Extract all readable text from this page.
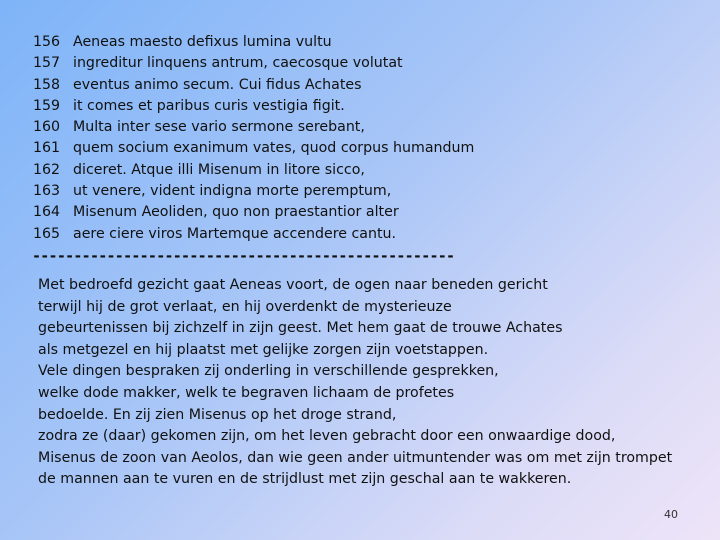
156 Aeneas maesto defixus lumina vultu
157 ingreditur linquens antrum, caecosque volutat
158 eventus animo secum. Cui fidus Achates
159 it comes et paribus curis vestigia figit.
160 Multa inter sese vario sermone serebant,
161 quem socium exanimum vates, quod corpus humandum
162 diceret. Atque illi Misenum in litore sicco,
163 ut venere, vident indigna morte peremptum,
164 Misenum Aeoliden, quo non praestantior alter
165 aere ciere viros Martemque accendere cantu.
---------------------------------------------------
Met bedroefd gezicht gaat Aeneas voort, de ogen naar beneden gericht
terwijl hij de grot verlaat, en hij overdenkt de mysterieuze
gebeurtenissen bij zichzelf in zijn geest. Met hem gaat de trouwe Achates
als metgezel en hij plaatst met gelijke zorgen zijn voetstappen.
Vele dingen bespraken zij onderling in verschillende gesprekken,
welke dode makker, welk te begraven lichaam de profetes
bedoelde. En zij zien Misenus op het droge strand,
zodra ze (daar) gekomen zijn, om het leven gebracht door een onwaardige dood,
Misenus de zoon van Aeolos, dan wie geen ander uitmuntender was om met zijn trompet
de mannen aan te vuren en de strijdlust met zijn geschal aan te wakkeren.
40
